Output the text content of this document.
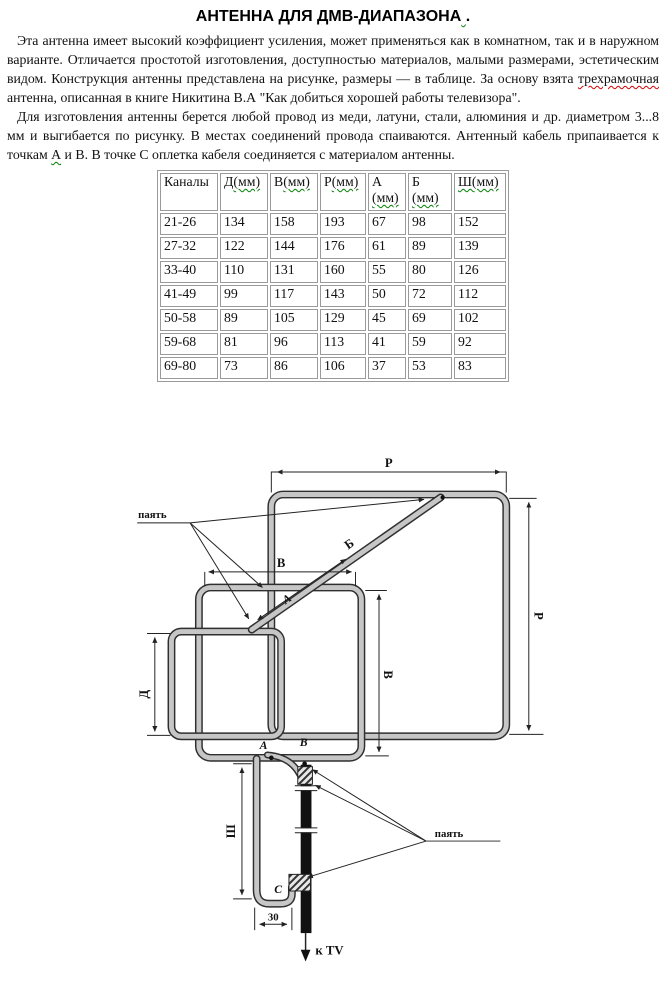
АНТЕННА ДЛЯ ДМВ-ДИАПАЗОНА .

Эта антенна имеет высокий коэффициент усиления, может применяться как в комнатном, так и в наружном варианте. Отличается простотой изготовления, доступностью материалов, малыми размерами, эстетическим видом. Конструкция антенны представлена на рисунке, размеры — в таблице. За основу взята трехрамочная антенна, описанная в книге Никитина В.А "Как добиться хорошей работы телевизора".

Для изготовления антенны берется любой провод из меди, латуни, стали, алюминия и др. диаметром 3...8 мм и выгибается по рисунку. В местах соединений провода спаиваются. Антенный кабель припаивается к точкам А и В. В точке С оплетка кабеля соединяется с материалом антенны.

Каналы	Д(мм)	В(мм)	Р(мм)	А (мм)	Б (мм)	Ш(мм)
21-26	134	158	193	67	98	152
27-32	122	144	176	61	89	139
33-40	110	131	160	55	80	126
41-49	99	117	143	50	72	112
50-58	89	105	129	45	69	102
59-68	81	96	113	41	59	92
69-80	73	86	106	37	53	83
Р
Р
В
В
Д
Ш
А
Б
паять
паять
А	В
С
30
к TV
